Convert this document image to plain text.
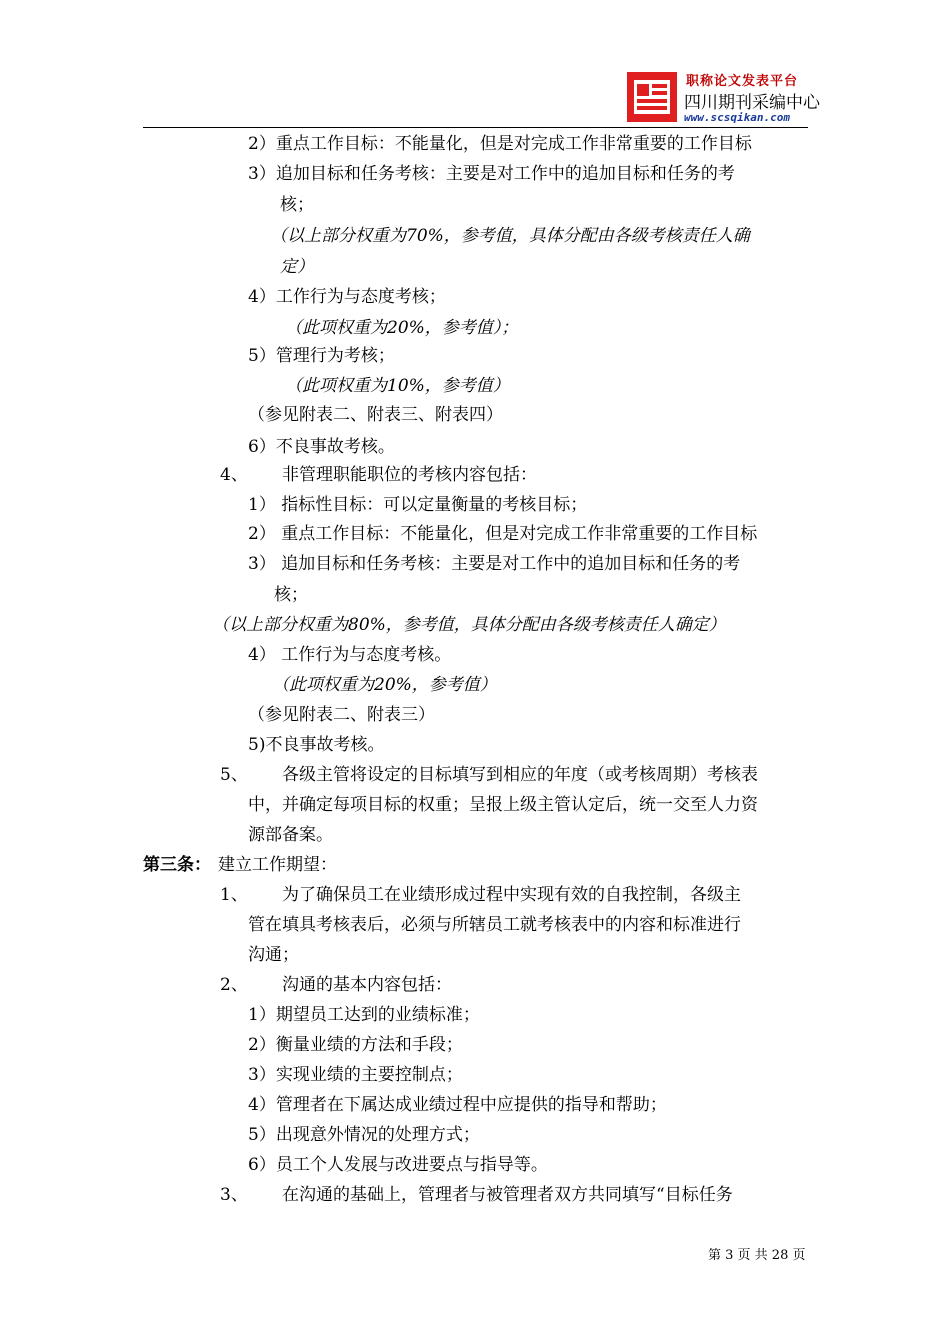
职称论文发表平台
四川期刊采编中心
www.scsqikan.com
2）重点工作目标：不能量化，但是对完成工作非常重要的工作目标
3）追加目标和任务考核：主要是对工作中的追加目标和任务的考
核；
（以上部分权重为70%，参考值，具体分配由各级考核责任人确
定）
4）工作行为与态度考核；
（此项权重为20%，参考值）；
5）管理行为考核；
（此项权重为10%，参考值）
（参见附表二、附表三、附表四）
6）不良事故考核。
4、 非管理职能职位的考核内容包括：
1） 指标性目标：可以定量衡量的考核目标；
2） 重点工作目标：不能量化，但是对完成工作非常重要的工作目标
3） 追加目标和任务考核：主要是对工作中的追加目标和任务的考
核；
（以上部分权重为80%，参考值，具体分配由各级考核责任人确定）
4） 工作行为与态度考核。
（此项权重为20%，参考值）
（参见附表二、附表三）
5)不良事故考核。
5、 各级主管将设定的目标填写到相应的年度（或考核周期）考核表
中，并确定每项目标的权重；呈报上级主管认定后，统一交至人力资
源部备案。
第三条： 建立工作期望：
1、 为了确保员工在业绩形成过程中实现有效的自我控制，各级主
管在填具考核表后，必须与所辖员工就考核表中的内容和标准进行
沟通；
2、 沟通的基本内容包括：
1）期望员工达到的业绩标准；
2）衡量业绩的方法和手段；
3）实现业绩的主要控制点；
4）管理者在下属达成业绩过程中应提供的指导和帮助；
5）出现意外情况的处理方式；
6）员工个人发展与改进要点与指导等。
3、 在沟通的基础上，管理者与被管理者双方共同填写“目标任务
第 3 页 共 28 页
